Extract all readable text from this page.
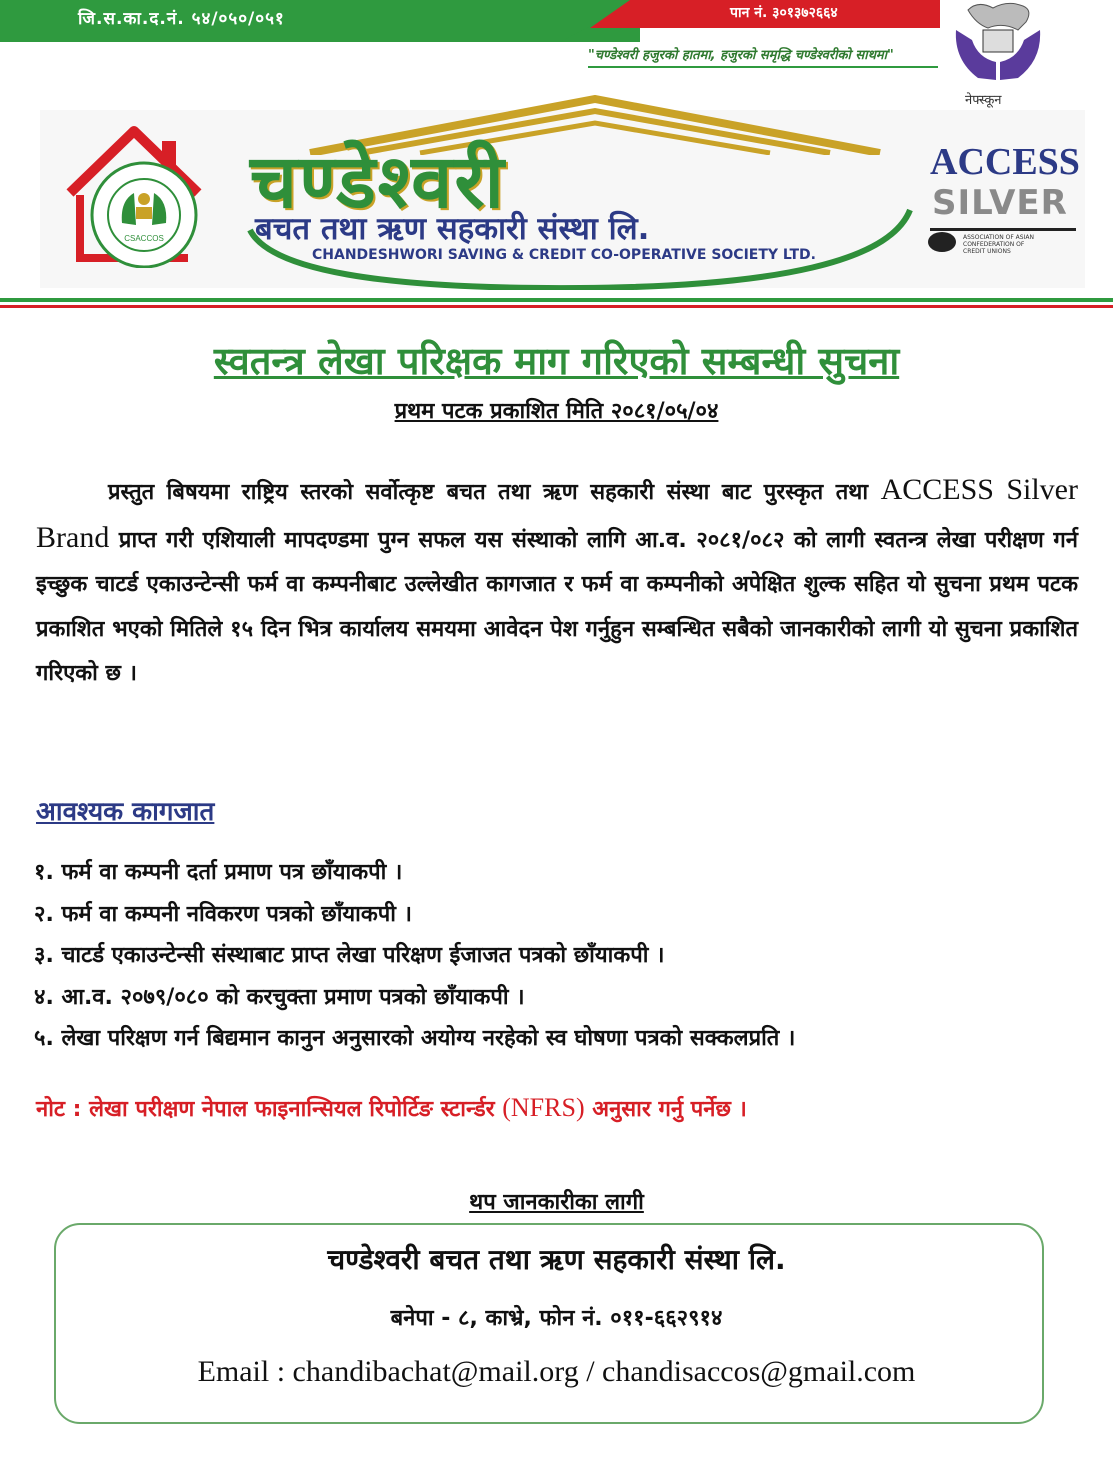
जि.स.का.द.नं. ५४/०५०/०५१	पान नं. ३०१३७२६६४
"चण्डेश्वरी हजुरको हातमा, हजुरको समृद्धि चण्डेश्वरीको साथमा"
नेफ्स्कून
CSACCOS
चण्डेश्वरी
बचत तथा ऋण सहकारी संस्था लि.
CHANDESHWORI SAVING & CREDIT CO-OPERATIVE SOCIETY LTD.
ACCESS
SILVER
ASSOCIATION OF ASIAN CONFEDERATION OF CREDIT UNIONS
स्वतन्त्र लेखा परिक्षक माग गरिएको सम्बन्धी सुचना
प्रथम पटक प्रकाशित मिति २०८१/०५/०४
प्रस्तुत बिषयमा राष्ट्रिय स्तरको सर्वोत्कृष्ट बचत तथा ऋण सहकारी संस्था बाट पुरस्कृत तथा ACCESS Silver Brand प्राप्त गरी एशियाली मापदण्डमा पुग्न सफल यस संस्थाको लागि आ.व. २०८१/०८२ को लागी स्वतन्त्र लेखा परीक्षण गर्न इच्छुक चाटर्ड एकाउन्टेन्सी फर्म वा कम्पनीबाट उल्लेखीत कागजात र फर्म वा कम्पनीको अपेक्षित शुल्क सहित यो सुचना प्रथम पटक प्रकाशित भएको मितिले १५ दिन भित्र कार्यालय समयमा आवेदन पेश गर्नुहुन सम्बन्धित सबैको जानकारीको लागी यो सुचना प्रकाशित गरिएको छ ।
आवश्यक कागजात
१. फर्म वा कम्पनी दर्ता प्रमाण पत्र छाँयाकपी ।
२. फर्म वा कम्पनी नविकरण पत्रको छाँयाकपी ।
३. चाटर्ड एकाउन्टेन्सी संस्थाबाट प्राप्त लेखा परिक्षण ईजाजत पत्रको छाँयाकपी ।
४. आ.व. २०७९/०८० को करचुक्ता प्रमाण पत्रको छाँयाकपी ।
५. लेखा परिक्षण गर्न बिद्यमान कानुन अनुसारको अयोग्य नरहेको स्व घोषणा पत्रको सक्कलप्रति ।
नोट : लेखा परीक्षण नेपाल फाइनान्सियल रिपोर्टिङ स्टार्न्डर (NFRS) अनुसार गर्नु पर्नेछ ।
थप जानकारीका लागी
चण्डेश्वरी बचत तथा ऋण सहकारी संस्था लि.
बनेपा - ८, काभ्रे, फोन नं. ०११-६६२९१४
Email : chandibachat@mail.org / chandisaccos@gmail.com
